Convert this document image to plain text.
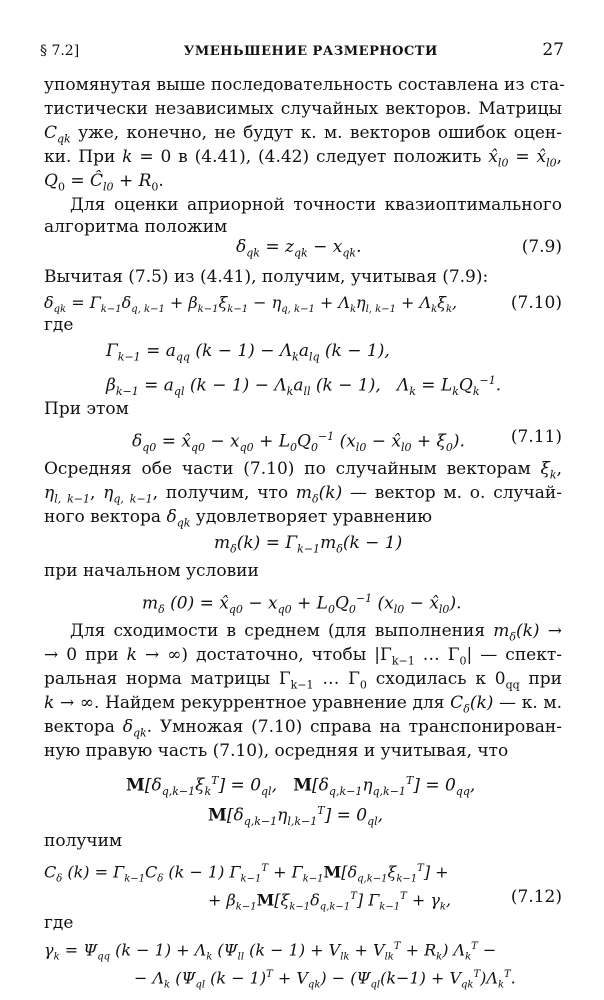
§ 7.2]	УМЕНЬШЕНИЕ РАЗМЕРНОСТИ	27
упомянутая выше последовательность составлена из ста-
тистически независимых случайных векторов. Матрицы
$C_{qk}$ уже, конечно, не будут к. м. векторов ошибок оцен-
ки. При k = 0 в (4.41), (4.42) следует положить $x̂_{l0}$ = $x̂_{l0}$,
$Q_0$ = $Ĉ_{l0} + R_0$.
Для оценки априорной точности квазиоптимального
алгоритма положим
$\delta_{qk} = z_{qk} - x_{qk}$.	(7.9)
Вычитая (7.5) из (4.41), получим, учитывая (7.9):
$\delta_{qk} = \Gamma_{k-1}\delta_{q, k-1} + \beta_{k-1}\xi_{k-1} - \eta_{q, k-1} + \Lambda_k\eta_{l, k-1} + \Lambda_k\xi_k$,	(7.10)
где
$\Gamma_{k-1} = a_{qq}$ $(k - 1) - \Lambda_ka_{lq}$ (k − 1),
$\beta_{k-1} = a_{ql}$ $(k - 1) - \Lambda_ka_{ll}$ (k − 1),   $\Lambda_k = L_kQ_k^{-1}$.
При этом
$\delta_{q0}$ = $x̂_{q0} - x_{q0} + L_0Q_0^{-1}$ ($x_{l0}$ − $x̂_{l0} + \xi_0$).	(7.11)
Осредняя обе части (7.10) по случайным векторам $\xi_k$,
$\eta_{l, k-1}$, $\eta_{q, k-1}$, получим, что $m_\delta(k)$ — вектор м. о. случай-
ного вектора $\delta_{qk}$ удовлетворяет уравнению
$m_\delta(k) = \Gamma_{k-1}m_\delta(k - 1)$
при начальном условии
$m_\delta$ $(0) = x̂_{q0} - x_{q0} + L_0Q_0^{-1}$ ($x_{l0}$ − $x̂_{l0}$).
Для сходимости в среднем (для выполнения $m_\delta(k)$ →
→ 0 при k → ∞) достаточно, чтобы $|\Gamma_{k-1}$ … $\Gamma_0|$ — спект-
ральная норма матрицы $\Gamma_{k-1}$ … $\Gamma_0$ сходилась к $0_{qq}$ при
k → ∞. Найдем рекуррентное уравнение для $C_\delta(k)$ — к. м.
вектора $\delta_{qk}$. Умножая (7.10) справа на транспонирован-
ную правую часть (7.10), осредняя и учитывая, что
$M[\delta_{q,k-1}\xi_k^T] = 0_{ql}$,   $M[\delta_{q,k-1}\eta_{q,k-1}^T] = 0_{qq}$,
$M[\delta_{q,k-1}\eta_{l,k-1}^T] = 0_{ql}$,
получим
$C_\delta$ $(k) = \Gamma_{k-1}C_\delta$ (k − 1) $\Gamma_{k-1}^T + \Gamma_{k-1}M[\delta_{q,k-1}\xi_{k-1}^T]$ +
+ $\beta_{k-1}M[\xi_{k-1}\delta_{q,k-1}^T] \Gamma_{k-1}^T + \gamma_k$,	(7.12)
где
$\gamma_k = \Psi_{qq}$ $(k - 1) + \Lambda_k$ ($\Psi_{ll}$ $(k - 1) + V_{lk} + V_{lk}^T + R_k$) $\Lambda_k^T$ −
− $\Lambda_k$ ($\Psi_{ql}$ $(k - 1)^T + V_{qk}) - (\Psi_{ql}(k-1) + V_{qk}^T)\Lambda_k^T$.
